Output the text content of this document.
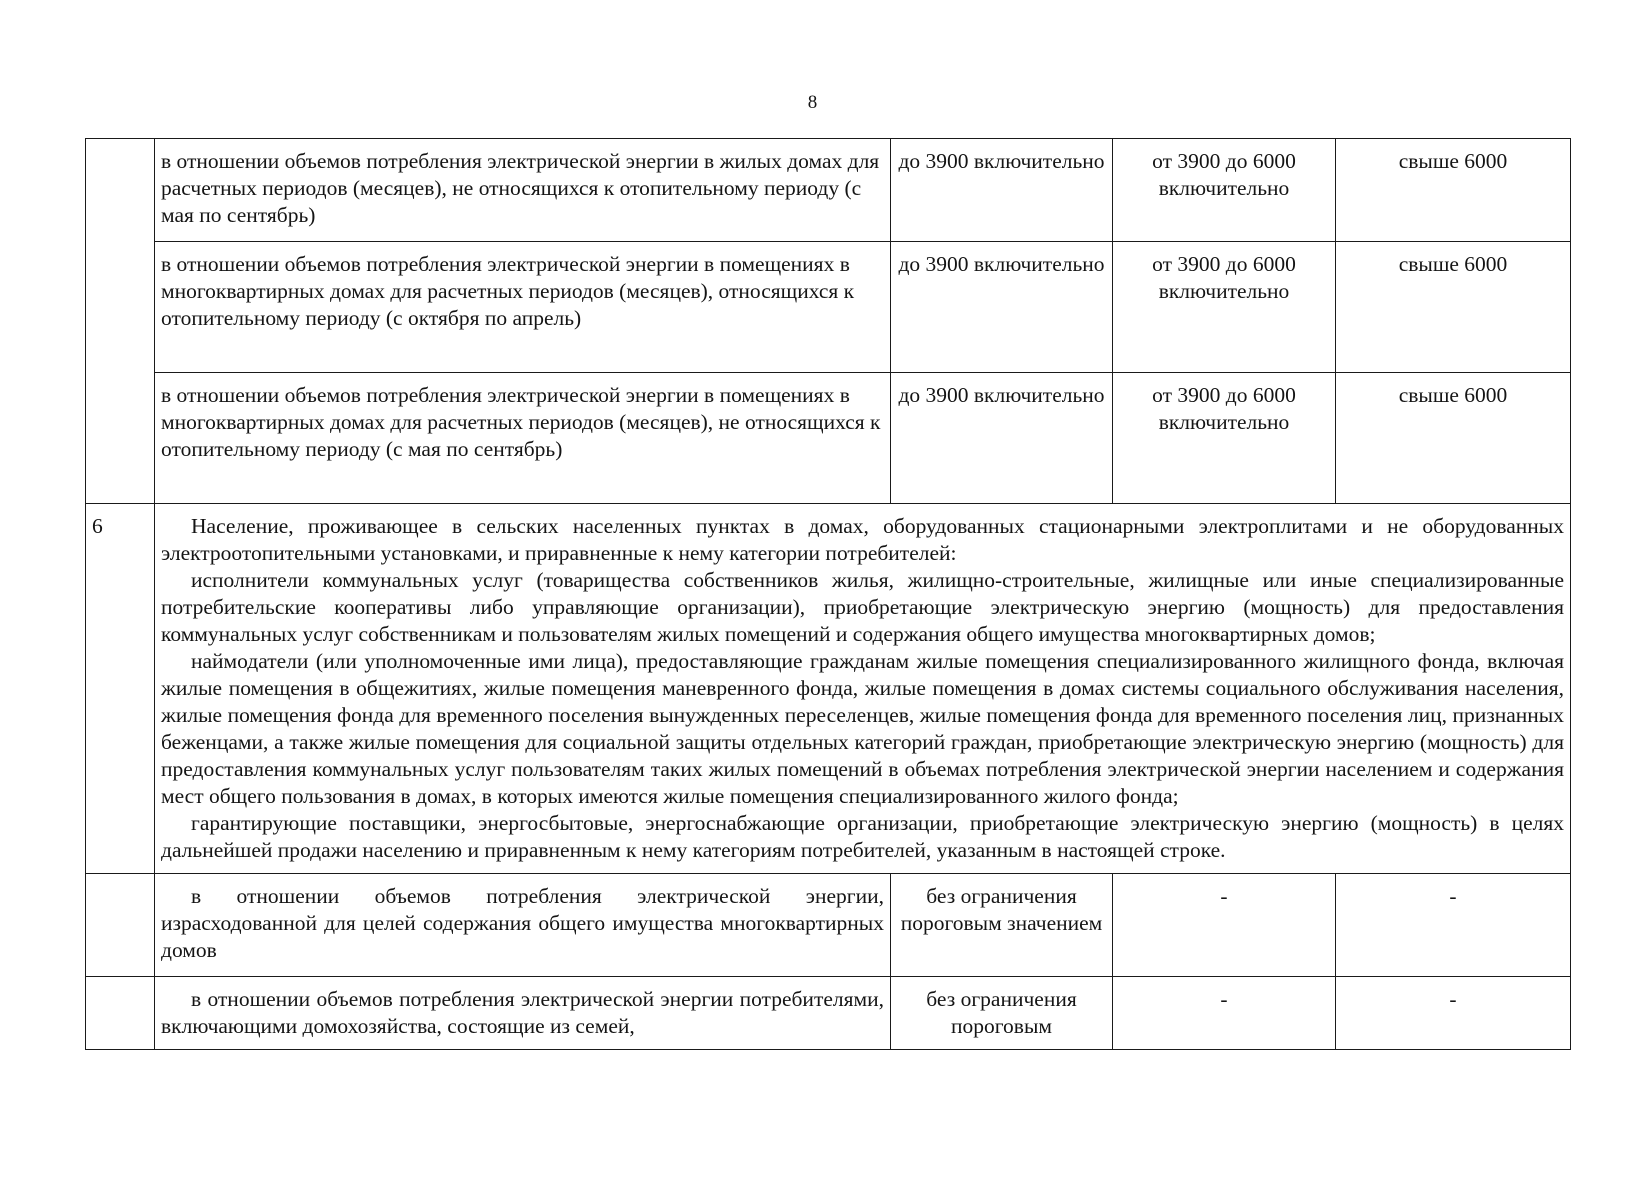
8
	в отношении объемов потребления электрической энергии в жилых домах для расчетных периодов (месяцев), не относящихся к отопительному периоду (с мая по сентябрь)	до 3900 включительно	от 3900 до 6000 включительно	свыше 6000
	в отношении объемов потребления электрической энергии в помещениях в многоквартирных домах для расчетных периодов (месяцев), относящихся к отопительному периоду (с октября по апрель)	до 3900 включительно	от 3900 до 6000 включительно	свыше 6000
	в отношении объемов потребления электрической энергии в помещениях в многоквартирных домах для расчетных периодов (месяцев), не относящихся к отопительному периоду (с мая по сентябрь)	до 3900 включительно	от 3900 до 6000 включительно	свыше 6000
6	Население, проживающее в сельских населенных пунктах в домах, оборудованных стационарными электроплитами и не оборудованных электроотопительными установками, и приравненные к нему категории потребителей:

исполнители коммунальных услуг (товарищества собственников жилья, жилищно-строительные, жилищные или иные специализированные потребительские кооперативы либо управляющие организации), приобретающие электрическую энергию (мощность) для предоставления коммунальных услуг собственникам и пользователям жилых помещений и содержания общего имущества многоквартирных домов;

наймодатели (или уполномоченные ими лица), предоставляющие гражданам жилые помещения специализированного жилищного фонда, включая жилые помещения в общежитиях, жилые помещения маневренного фонда, жилые помещения в домах системы социального обслуживания населения, жилые помещения фонда для временного поселения вынужденных переселенцев, жилые помещения фонда для временного поселения лиц, признанных беженцами, а также жилые помещения для социальной защиты отдельных категорий граждан, приобретающие электрическую энергию (мощность) для предоставления коммунальных услуг пользователям таких жилых помещений в объемах потребления электрической энергии населением и содержания мест общего пользования в домах, в которых имеются жилые помещения специализированного жилого фонда;

гарантирующие поставщики, энергосбытовые, энергоснабжающие организации, приобретающие электрическую энергию (мощность) в целях дальнейшей продажи населению и приравненным к нему категориям потребителей, указанным в настоящей строке.			

	в отношении объемов потребления электрической энергии, израсходованной для целей содержания общего имущества многоквартирных домов	без ограничения пороговым значением	-	-

	в отношении объемов потребления электрической энергии потребителями, включающими домохозяйства, состоящие из семей,	без ограничения пороговым	-	-
